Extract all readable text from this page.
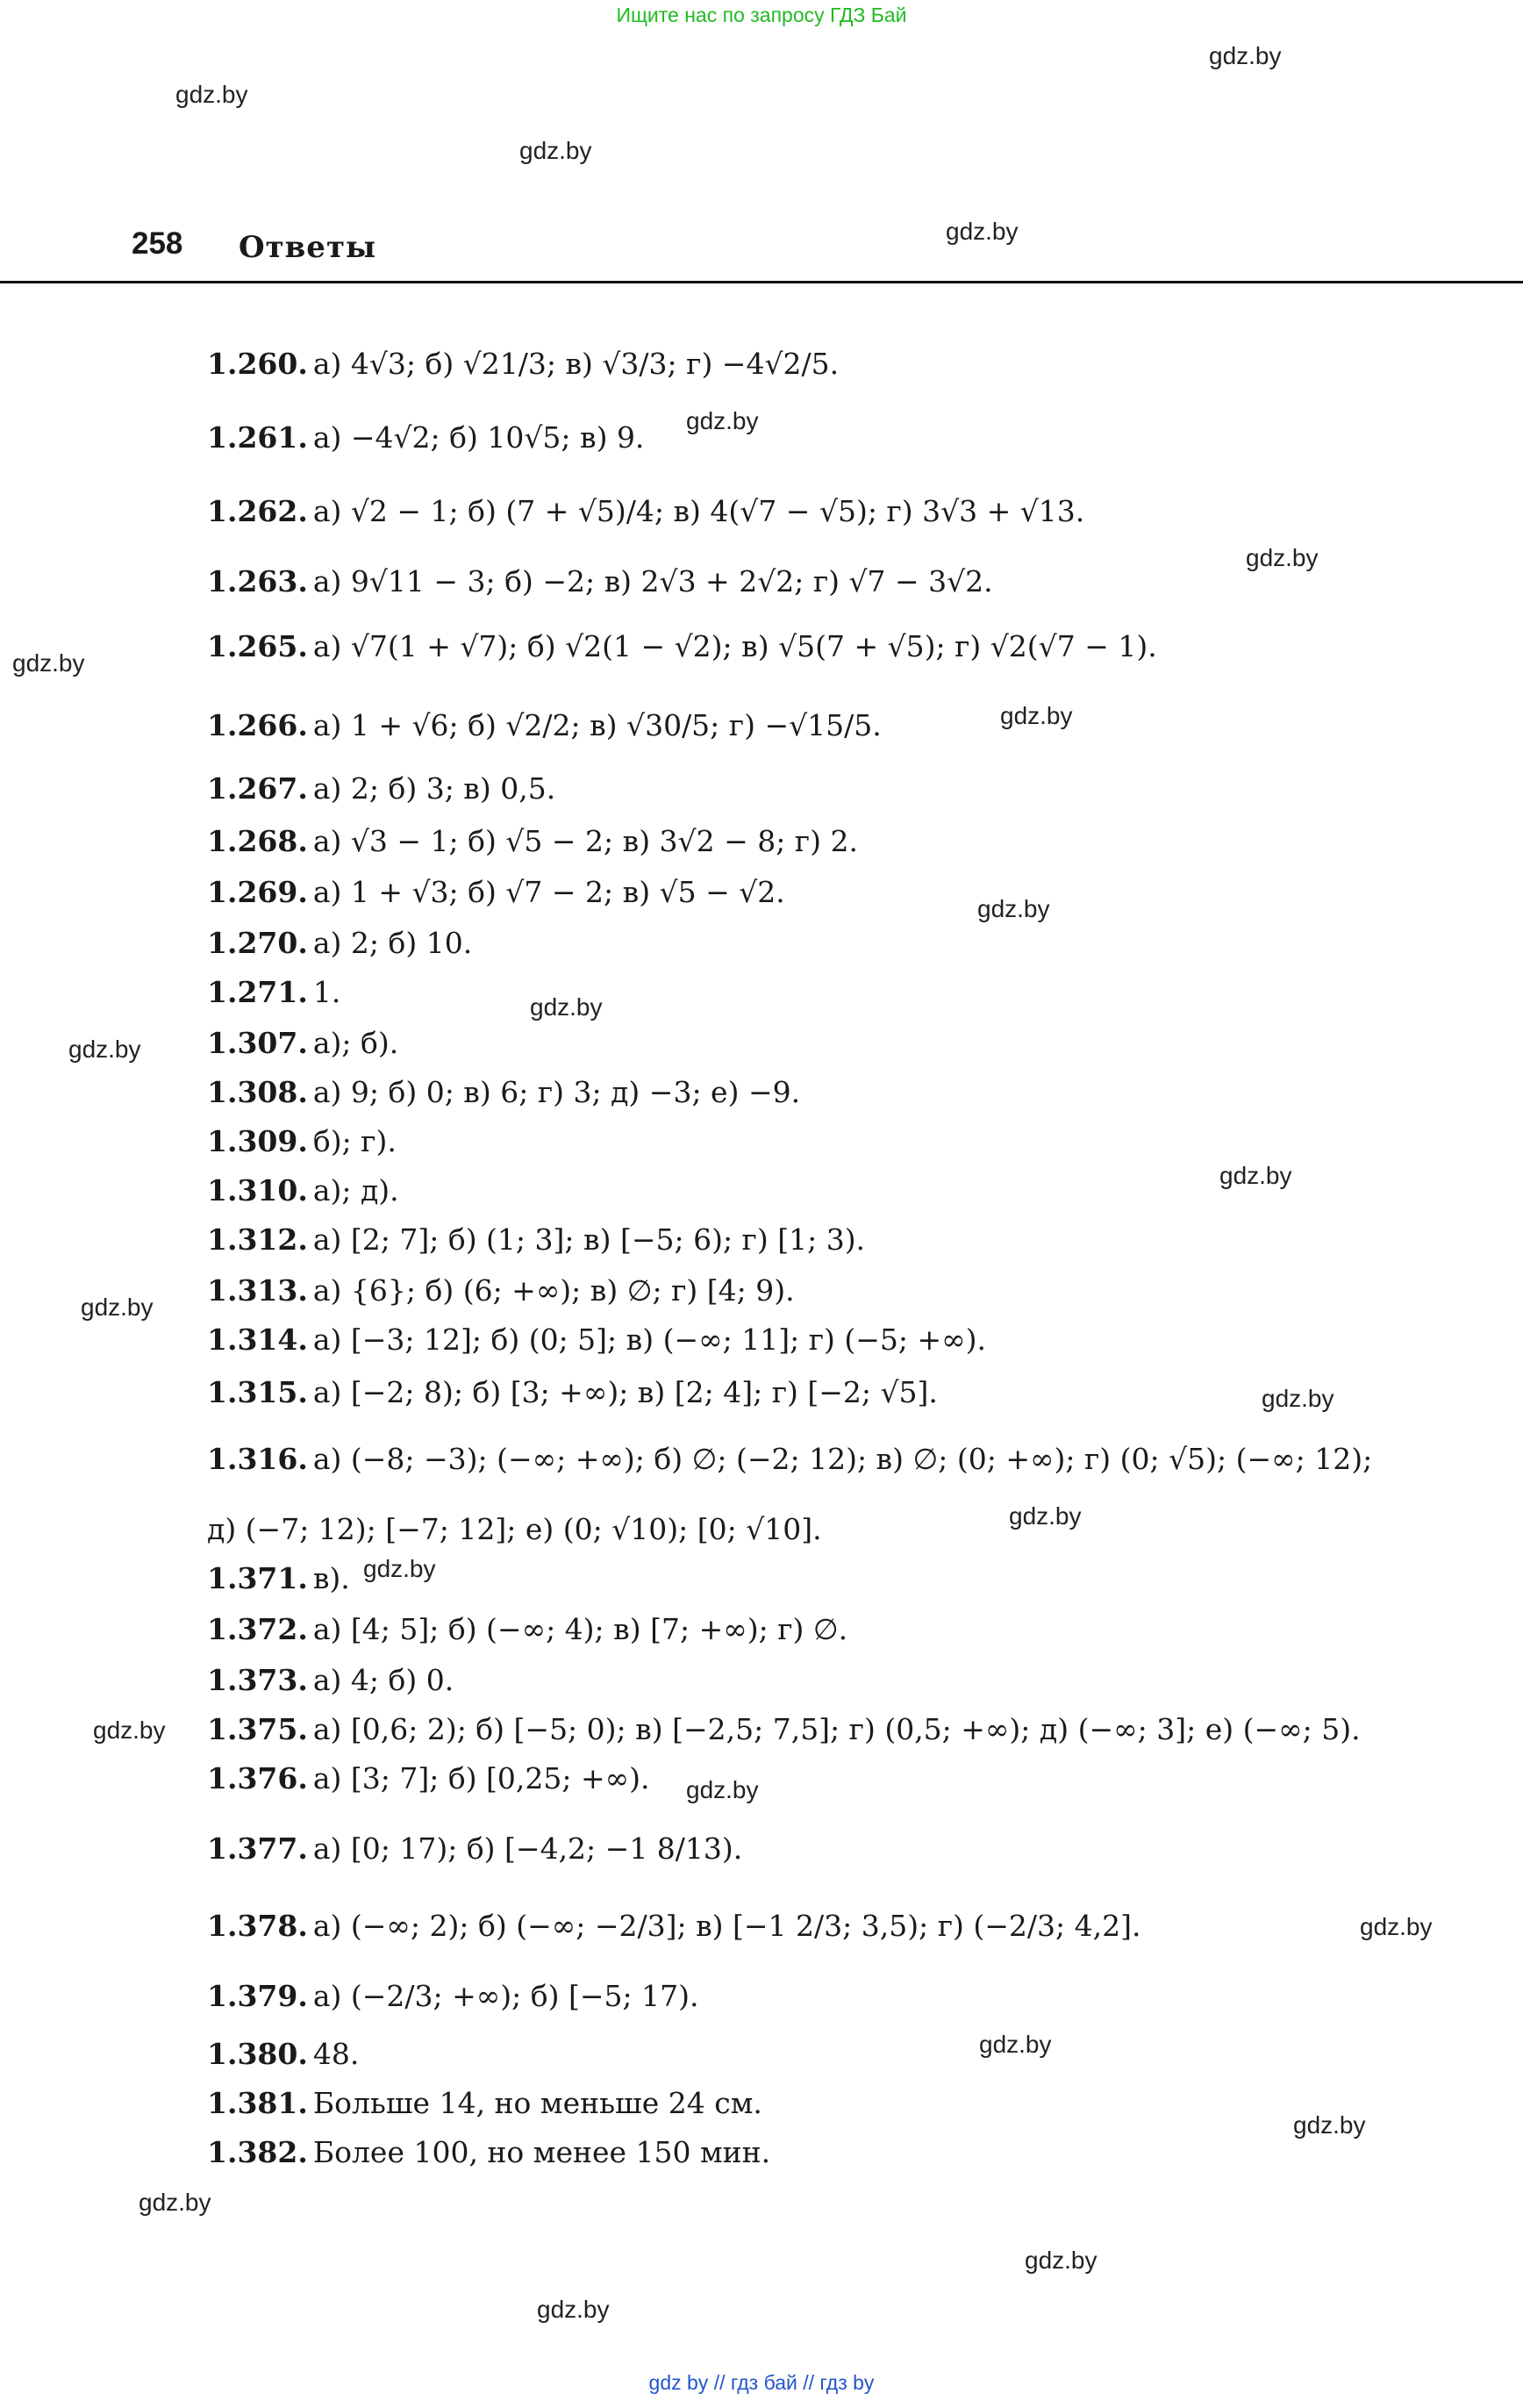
Ищите нас по запросу ГДЗ Бай
gdz.by
gdz.by
gdz.by
gdz.by
gdz.by
gdz.by
gdz.by
gdz.by
gdz.by
gdz.by
gdz.by
gdz.by
gdz.by
gdz.by
gdz.by
gdz.by
gdz.by
gdz.by
gdz.by
gdz.by
gdz.by
gdz.by
gdz.by
gdz.by
258 Ответы
1.260. а) 4√3; б) √21/3; в) √3/3; г) −4√2/5.
1.261. а) −4√2; б) 10√5; в) 9.
1.262. а) √2 − 1; б) (7 + √5)/4; в) 4(√7 − √5); г) 3√3 + √13.
1.263. а) 9√11 − 3; б) −2; в) 2√3 + 2√2; г) √7 − 3√2.
1.265. а) √7(1 + √7); б) √2(1 − √2); в) √5(7 + √5); г) √2(√7 − 1).
1.266. а) 1 + √6; б) √2/2; в) √30/5; г) −√15/5.
1.267. а) 2; б) 3; в) 0,5.
1.268. а) √3 − 1; б) √5 − 2; в) 3√2 − 8; г) 2.
1.269. а) 1 + √3; б) √7 − 2; в) √5 − √2.
1.270. а) 2; б) 10.
1.271. 1.
1.307. а); б).
1.308. а) 9; б) 0; в) 6; г) 3; д) −3; е) −9.
1.309. б); г).
1.310. а); д).
1.312. а) [2; 7]; б) (1; 3]; в) [−5; 6); г) [1; 3).
1.313. а) {6}; б) (6; +∞); в) ∅; г) [4; 9).
1.314. а) [−3; 12]; б) (0; 5]; в) (−∞; 11]; г) (−5; +∞).
1.315. а) [−2; 8); б) [3; +∞); в) [2; 4]; г) [−2; √5].
1.316. а) (−8; −3); (−∞; +∞); б) ∅; (−2; 12); в) ∅; (0; +∞); г) (0; √5); (−∞; 12);
д) (−7; 12); [−7; 12]; е) (0; √10); [0; √10].
1.371. в).
1.372. а) [4; 5]; б) (−∞; 4); в) [7; +∞); г) ∅.
1.373. а) 4; б) 0.
1.375. а) [0,6; 2); б) [−5; 0); в) [−2,5; 7,5]; г) (0,5; +∞); д) (−∞; 3]; е) (−∞; 5).
1.376. а) [3; 7]; б) [0,25; +∞).
1.377. а) [0; 17); б) [−4,2; −1 8/13).
1.378. а) (−∞; 2); б) (−∞; −2/3]; в) [−1 2/3; 3,5); г) (−2/3; 4,2].
1.379. а) (−2/3; +∞); б) [−5; 17).
1.380. 48.
1.381. Больше 14, но меньше 24 см.
1.382. Более 100, но менее 150 мин.
gdz by // гдз бай // гдз by
